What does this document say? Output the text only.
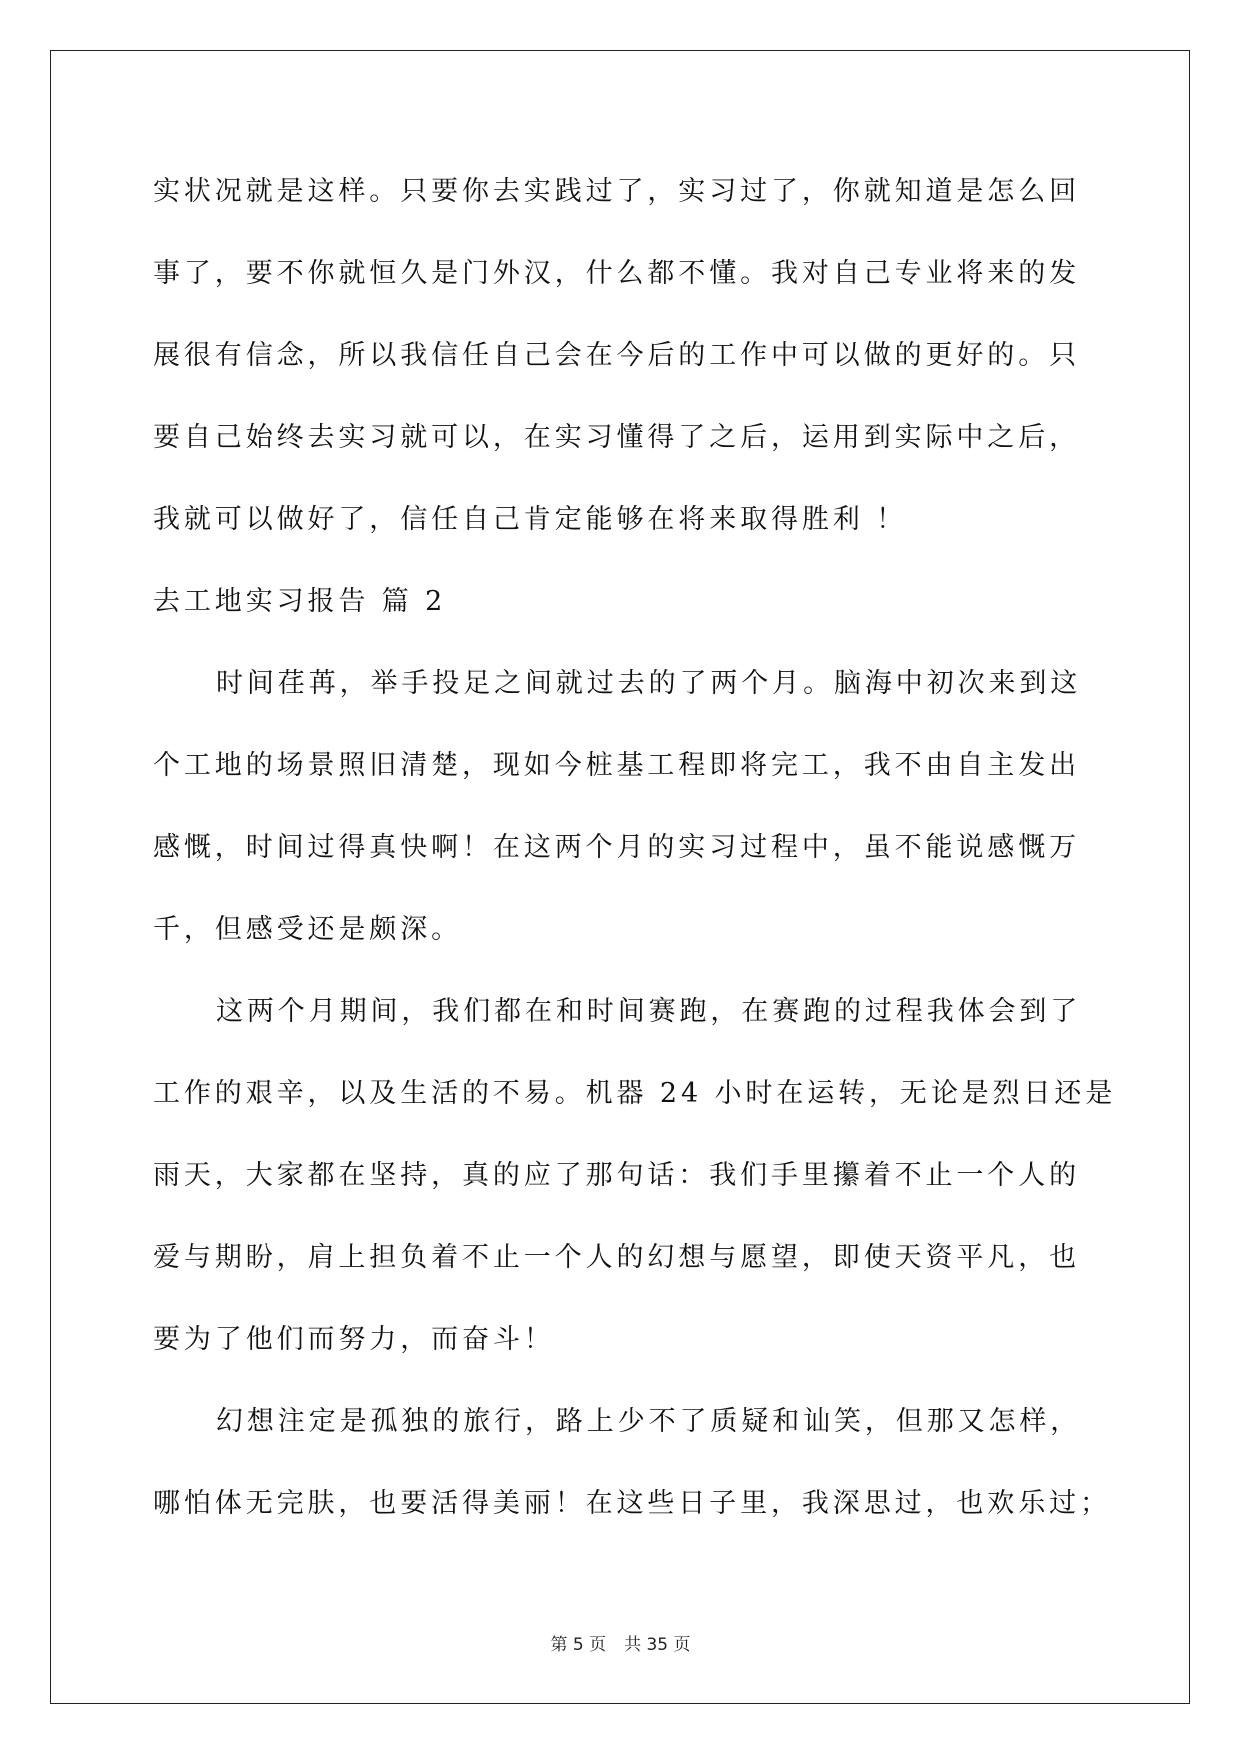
实状况就是这样。只要你去实践过了，实习过了，你就知道是怎么回
事了，要不你就恒久是门外汉，什么都不懂。我对自己专业将来的发
展很有信念，所以我信任自己会在今后的工作中可以做的更好的。只
要自己始终去实习就可以，在实习懂得了之后，运用到实际中之后，
我就可以做好了，信任自己肯定能够在将来取得胜利 ！
去工地实习报告 篇 2
时间荏苒，举手投足之间就过去的了两个月。脑海中初次来到这
个工地的场景照旧清楚，现如今桩基工程即将完工，我不由自主发出
感慨，时间过得真快啊！在这两个月的实习过程中，虽不能说感慨万
千，但感受还是颇深。
这两个月期间，我们都在和时间赛跑，在赛跑的过程我体会到了
工作的艰辛，以及生活的不易。机器 24 小时在运转，无论是烈日还是
雨天，大家都在坚持，真的应了那句话：我们手里攥着不止一个人的
爱与期盼，肩上担负着不止一个人的幻想与愿望，即使天资平凡，也
要为了他们而努力，而奋斗！
幻想注定是孤独的旅行，路上少不了质疑和讪笑，但那又怎样，
哪怕体无完肤，也要活得美丽！在这些日子里，我深思过，也欢乐过；
第 5 页 共 35 页
